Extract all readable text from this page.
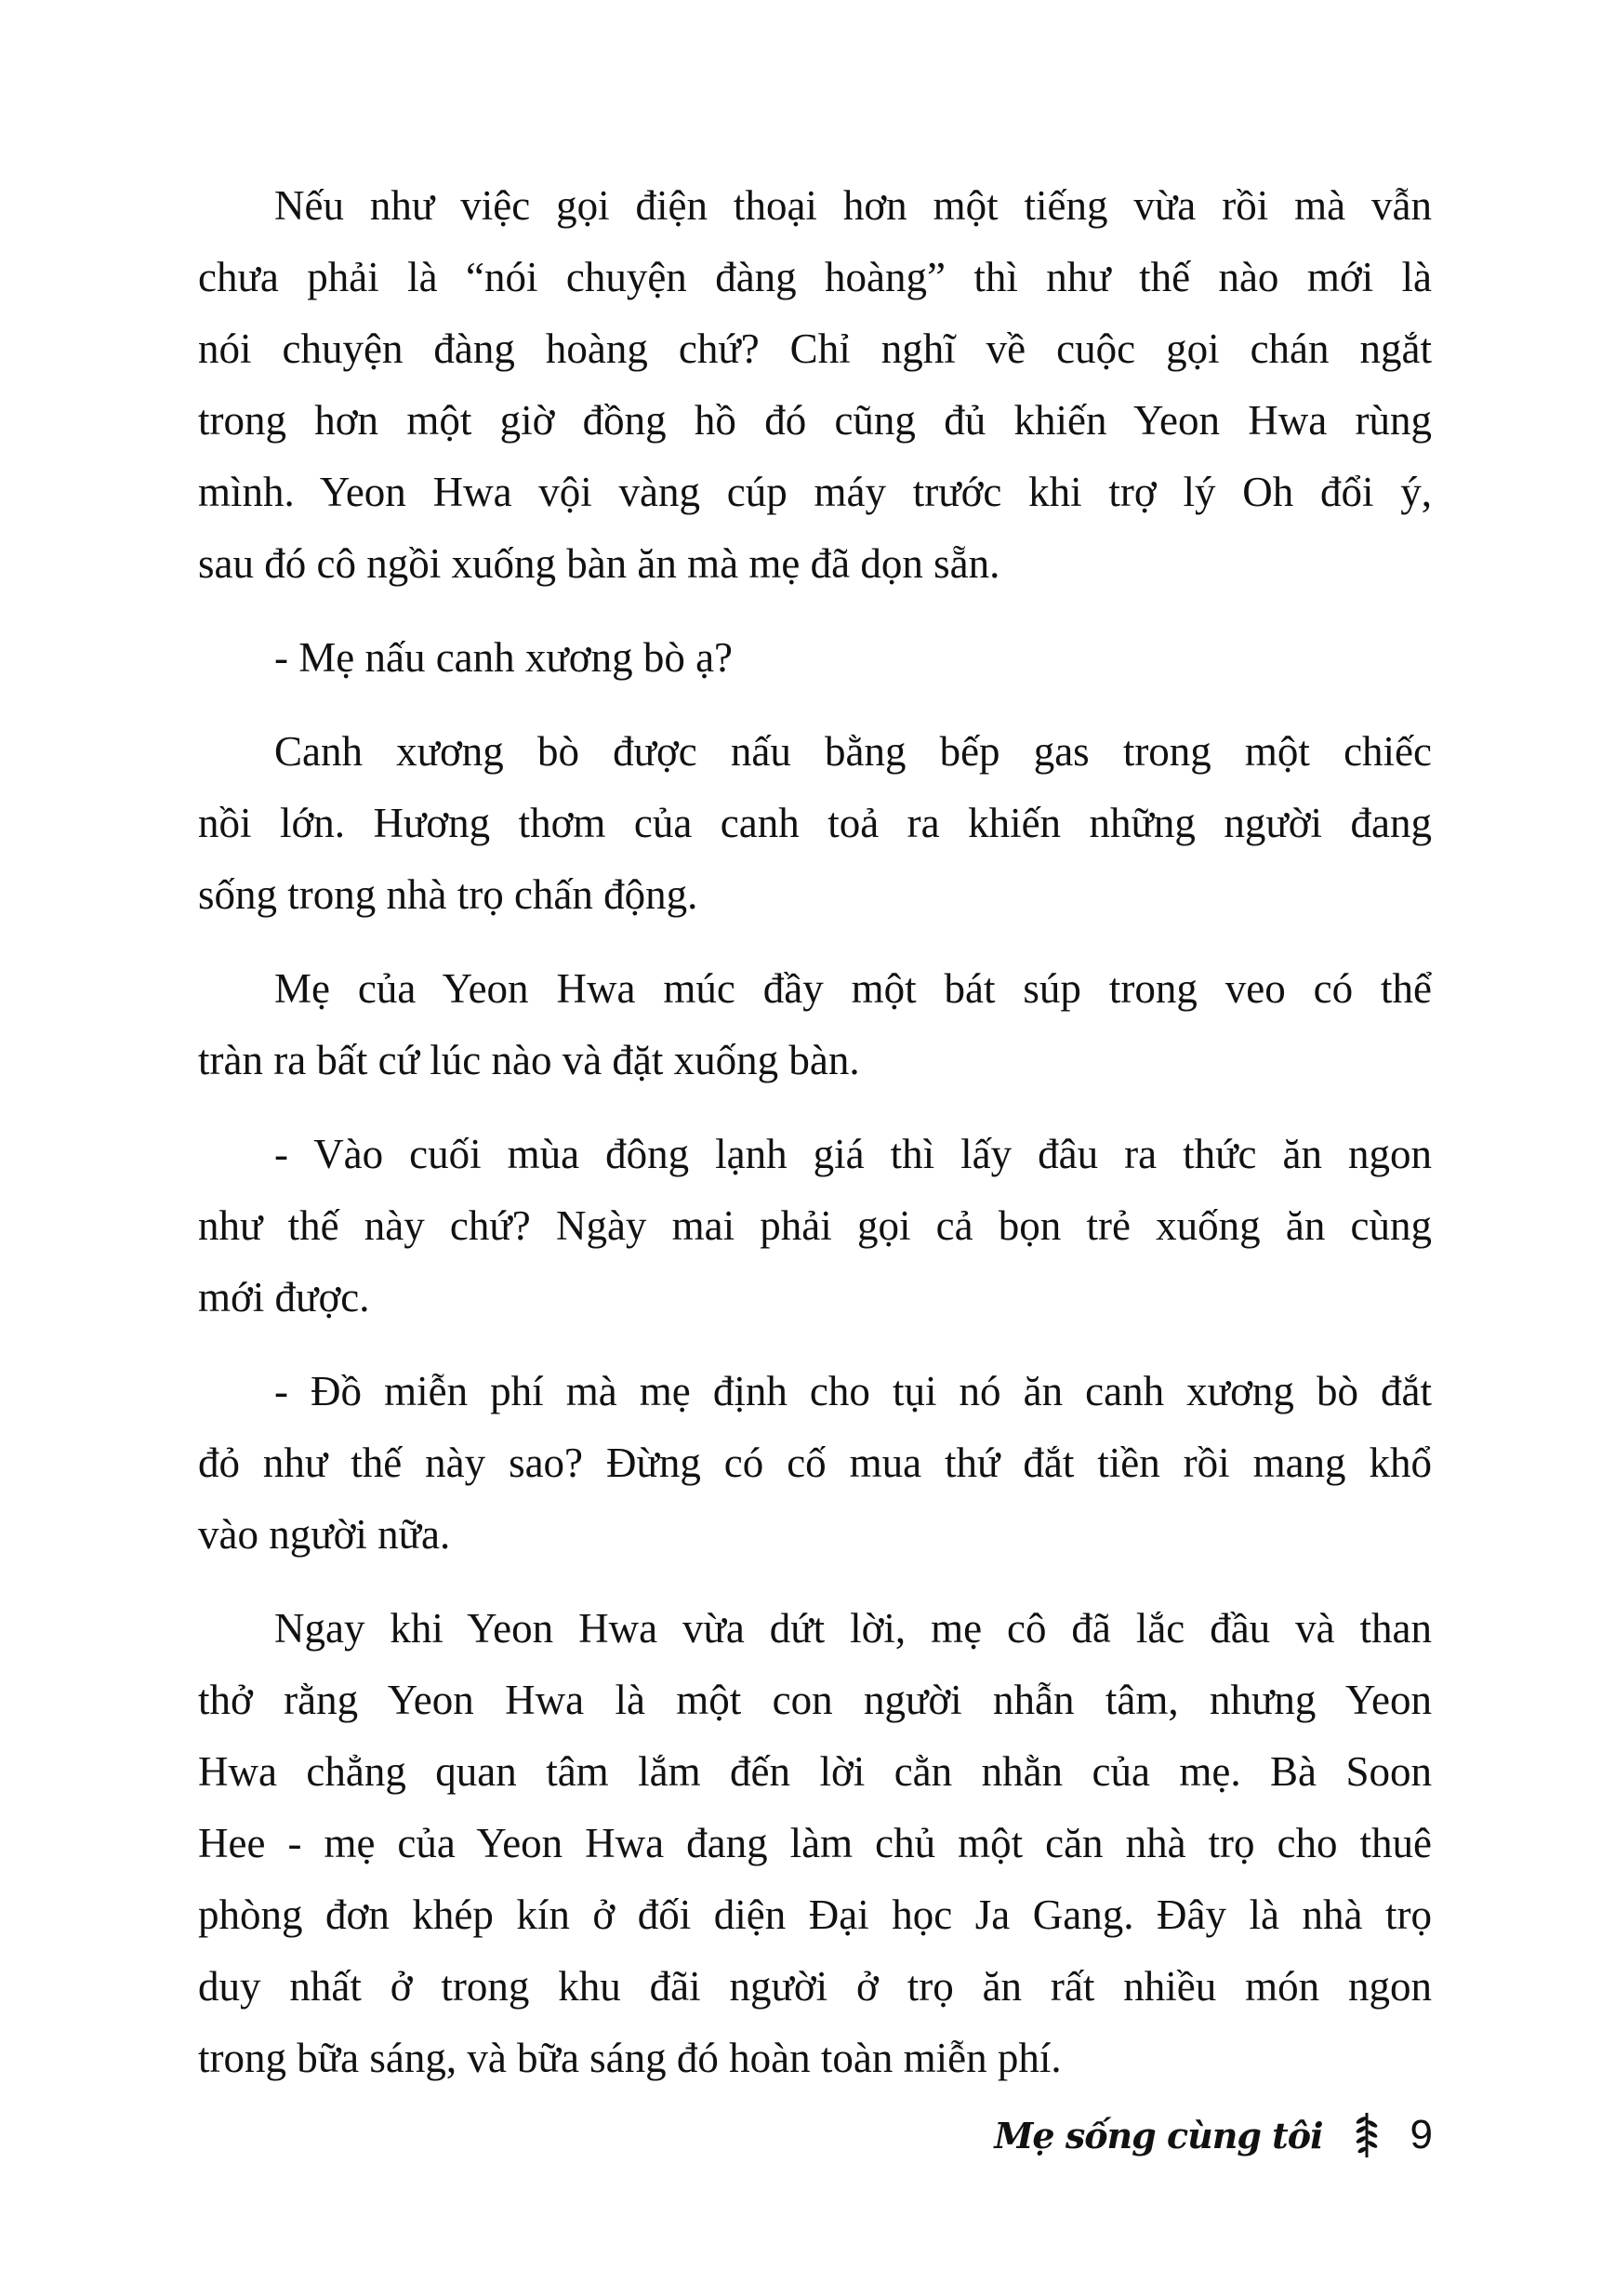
Nếu như việc gọi điện thoại hơn một tiếng vừa rồi mà vẫn
chưa phải là “nói chuyện đàng hoàng” thì như thế nào mới là
nói chuyện đàng hoàng chứ? Chỉ nghĩ về cuộc gọi chán ngắt
trong hơn một giờ đồng hồ đó cũng đủ khiến Yeon Hwa rùng
mình. Yeon Hwa vội vàng cúp máy trước khi trợ lý Oh đổi ý,
sau đó cô ngồi xuống bàn ăn mà mẹ đã dọn sẵn.
- Mẹ nấu canh xương bò ạ?
Canh xương bò được nấu bằng bếp gas trong một chiếc
nồi lớn. Hương thơm của canh toả ra khiến những người đang
sống trong nhà trọ chấn động.
Mẹ của Yeon Hwa múc đầy một bát súp trong veo có thể
tràn ra bất cứ lúc nào và đặt xuống bàn.
- Vào cuối mùa đông lạnh giá thì lấy đâu ra thức ăn ngon
như thế này chứ? Ngày mai phải gọi cả bọn trẻ xuống ăn cùng
mới được.
- Đồ miễn phí mà mẹ định cho tụi nó ăn canh xương bò đắt
đỏ như thế này sao? Đừng có cố mua thứ đắt tiền rồi mang khổ
vào người nữa.
Ngay khi Yeon Hwa vừa dứt lời, mẹ cô đã lắc đầu và than
thở rằng Yeon Hwa là một con người nhẫn tâm, nhưng Yeon
Hwa chẳng quan tâm lắm đến lời cằn nhằn của mẹ. Bà Soon
Hee - mẹ của Yeon Hwa đang làm chủ một căn nhà trọ cho thuê
phòng đơn khép kín ở đối diện Đại học Ja Gang. Đây là nhà trọ
duy nhất ở trong khu đãi người ở trọ ăn rất nhiều món ngon
trong bữa sáng, và bữa sáng đó hoàn toàn miễn phí.
Mẹ sống cùng tôi 9
